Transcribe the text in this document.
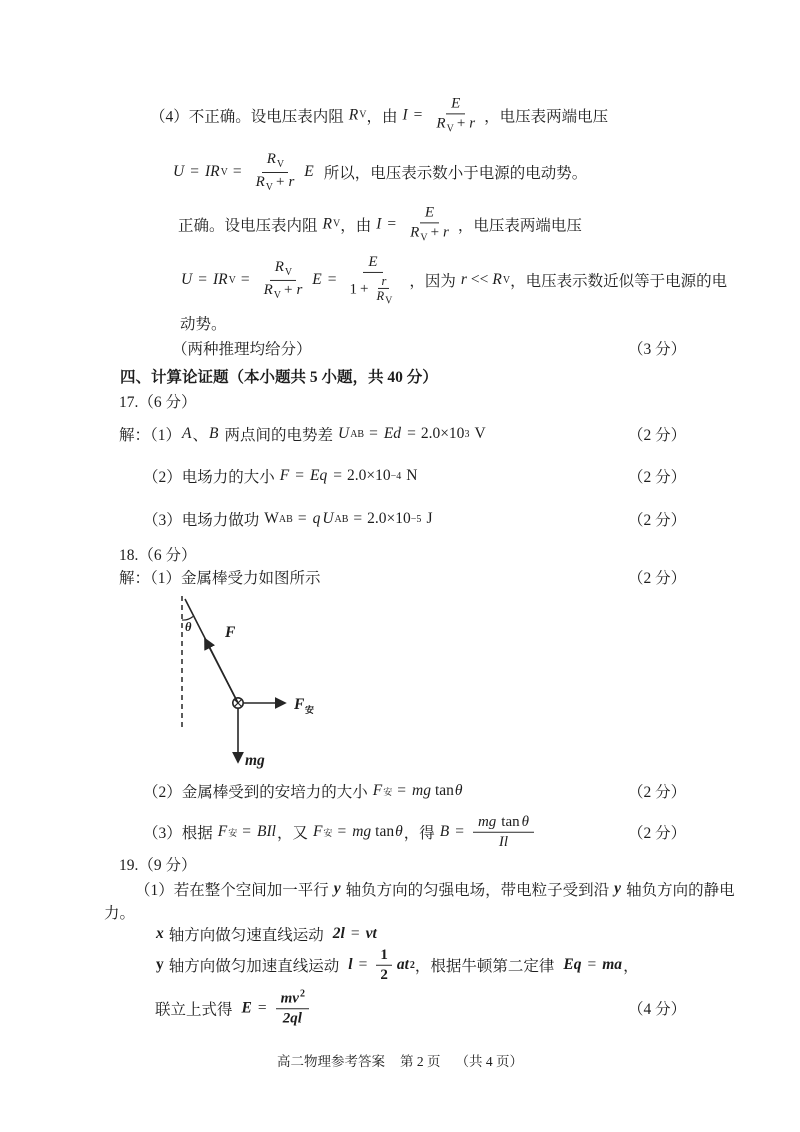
（4）不正确。设电压表内阻 R V ，由 $I = \frac{E}{R_V + r}$ ，电压表两端电压
U = IR $V = \frac{R_V}{R_V + r}$ E 所以，电压表示数小于电源的电动势。
正确。设电压表内阻 R V ，由 $I = \frac{E}{R_V + r}$ ，电压表两端电压
U = IR $V = \frac{R_V}{R_V + r}$ $E = \frac{E}{1 + \frac{r}{R_V}}$ ，因为 r << R V ，电压表示数近似等于电源的电
动势。
（两种推理均给分）	（3 分）
四、计算论证题（本小题共 5 小题，共 40 分）
17.（6 分）
解：（1） A 、 B 两点间的电势差 U AB = Ed = 2.0×10 3 V	（2 分）
（2）电场力的大小 F = Eq = 2.0×10 −4 N	（2 分）
（3）电场力做功 W AB = q U AB = 2.0×10 −5 J	（2 分）
18.（6 分）
解：（1）金属棒受力如图所示	（2 分）
θ F
F 安
mg
（2）金属棒受到的安培力的大小 F 安 = mg tan θ	（2 分）
（3）根据 F 安 = BIl ，又 F 安 = mg tan θ ，得 $B = \frac{\text{mg tan θ}}{Il}$	（2 分）
19.（9 分）
（1）若在整个空间加一平行 y 轴负方向的匀强电场，带电粒子受到沿 y 轴负方向的静电
力。
x 轴方向做匀速直线运动 2l = vt
y 轴方向做匀加速直线运动 $l = \frac{1}{2}$ at 2 ，根据牛顿第二定律 Eq = ma ，
联立上式得 $E = \frac{mv^2}{2ql}$	（4 分）
高二物理参考答案 第 2 页 （共 4 页）
